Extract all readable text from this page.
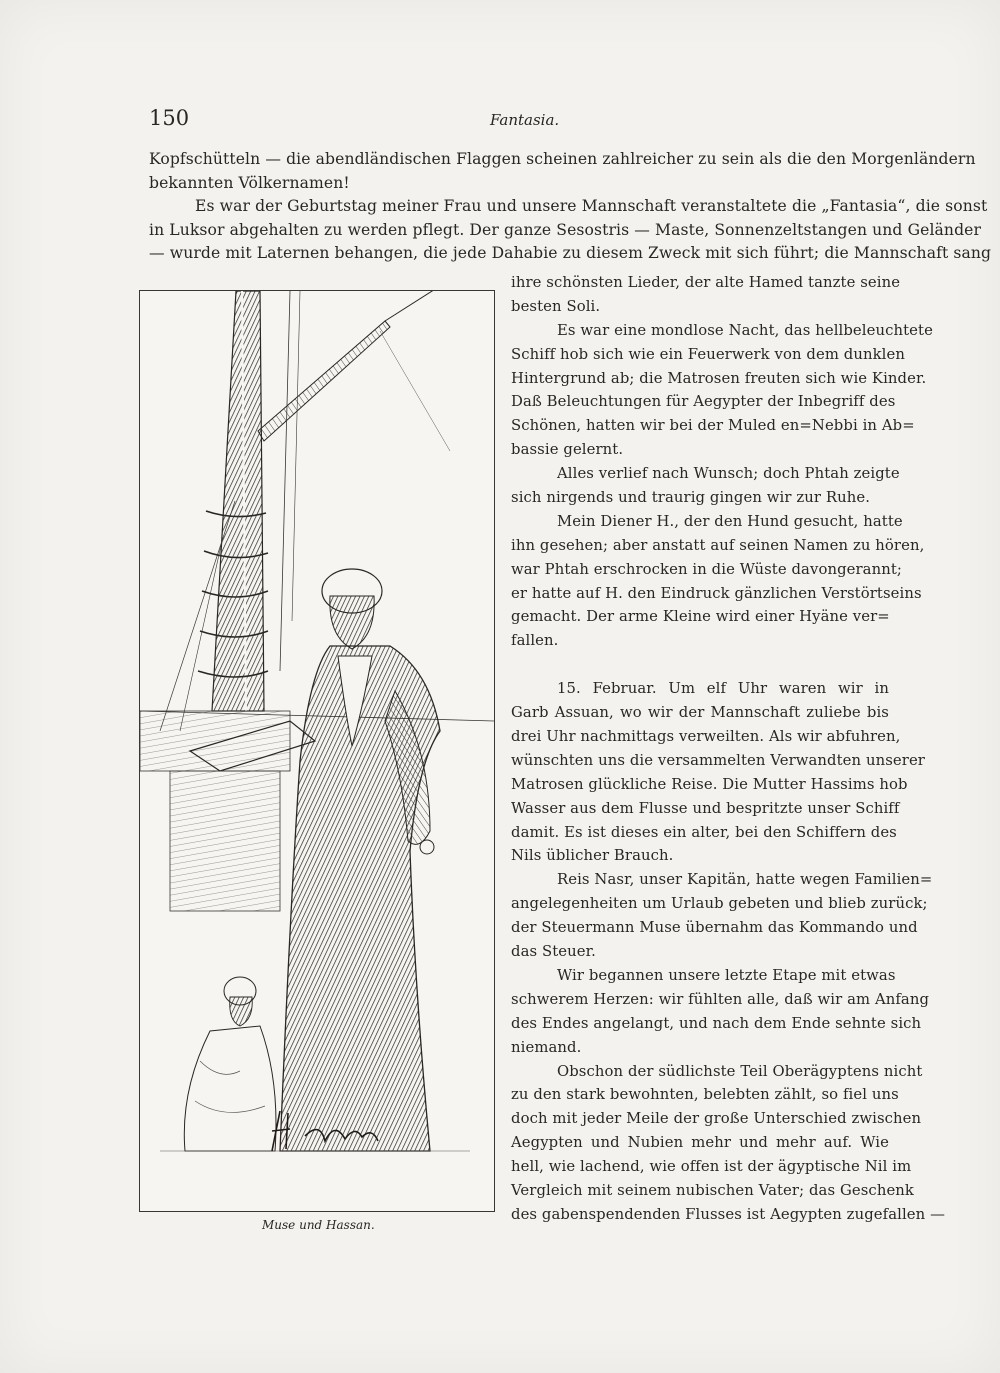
150	Fantasia.
Kopfschütteln — die abendländischen Flaggen scheinen zahlreicher zu sein als die den Morgenländern
bekannten Völkernamen!
Es war der Geburtstag meiner Frau und unsere Mannschaft veranstaltete die „Fantasia“, die sonst
in Luksor abgehalten zu werden pflegt. Der ganze Sesostris — Maste, Sonnenzeltstangen und Geländer
— wurde mit Laternen behangen, die jede Dahabie zu diesem Zweck mit sich führt; die Mannschaft sang
Muse und Hassan.
ihre schönsten Lieder, der alte Hamed tanzte seine
besten Soli.
Es war eine mondlose Nacht, das hellbeleuchtete
Schiff hob sich wie ein Feuerwerk von dem dunklen
Hintergrund ab; die Matrosen freuten sich wie Kinder.
Daß Beleuchtungen für Aegypter der Inbegriff des
Schönen, hatten wir bei der Muled en=Nebbi in Ab=
bassie gelernt.
Alles verlief nach Wunsch; doch Phtah zeigte
sich nirgends und traurig gingen wir zur Ruhe.
Mein Diener H., der den Hund gesucht, hatte
ihn gesehen; aber anstatt auf seinen Namen zu hören,
war Phtah erschrocken in die Wüste davongerannt;
er hatte auf H. den Eindruck gänzlichen Verstörtseins
gemacht. Der arme Kleine wird einer Hyäne ver=
fallen.
15. Februar. Um elf Uhr waren wir in
Garb Assuan, wo wir der Mannschaft zuliebe bis
drei Uhr nachmittags verweilten. Als wir abfuhren,
wünschten uns die versammelten Verwandten unserer
Matrosen glückliche Reise. Die Mutter Hassims hob
Wasser aus dem Flusse und bespritzte unser Schiff
damit. Es ist dieses ein alter, bei den Schiffern des
Nils üblicher Brauch.
Reis Nasr, unser Kapitän, hatte wegen Familien=
angelegenheiten um Urlaub gebeten und blieb zurück;
der Steuermann Muse übernahm das Kommando und
das Steuer.
Wir begannen unsere letzte Etape mit etwas
schwerem Herzen: wir fühlten alle, daß wir am Anfang
des Endes angelangt, und nach dem Ende sehnte sich
niemand.
Obschon der südlichste Teil Oberägyptens nicht
zu den stark bewohnten, belebten zählt, so fiel uns
doch mit jeder Meile der große Unterschied zwischen
Aegypten und Nubien mehr und mehr auf. Wie
hell, wie lachend, wie offen ist der ägyptische Nil im
Vergleich mit seinem nubischen Vater; das Geschenk
des gabenspendenden Flusses ist Aegypten zugefallen —
